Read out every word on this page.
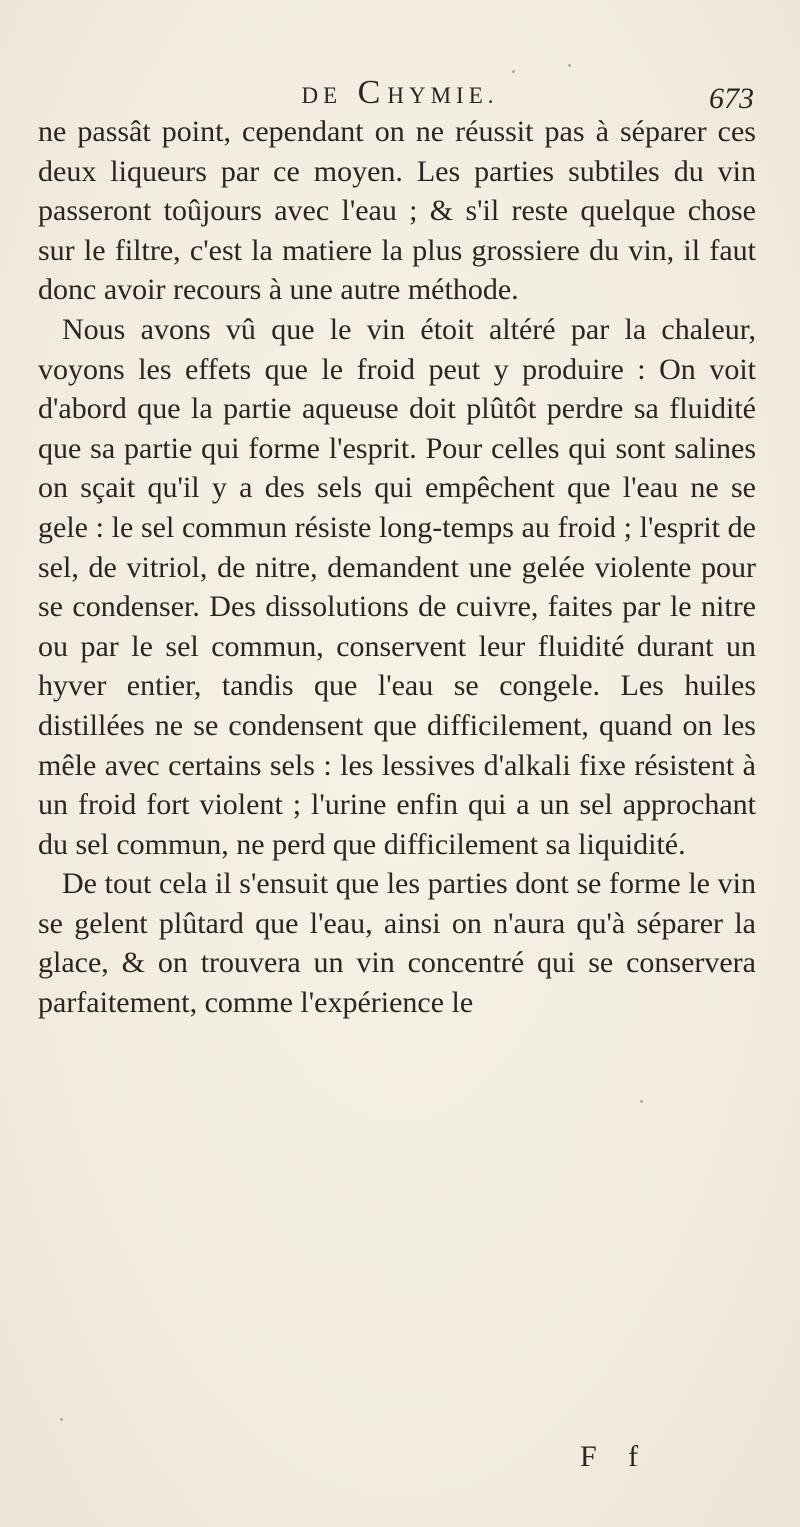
DE CHYMIE.	673

ne passât point, cependant on ne réussit pas à séparer ces deux liqueurs par ce moyen. Les parties subtiles du vin passeront toûjours avec l'eau ; & s'il reste quelque chose sur le filtre, c'est la matiere la plus grossiere du vin, il faut donc avoir recours à une autre méthode.

Nous avons vû que le vin étoit altéré par la chaleur, voyons les effets que le froid peut y produire : On voit d'abord que la partie aqueuse doit plûtôt perdre sa fluidité que sa partie qui forme l'esprit. Pour celles qui sont salines on sçait qu'il y a des sels qui empêchent que l'eau ne se gele : le sel commun résiste long-temps au froid ; l'esprit de sel, de vitriol, de nitre, demandent une gelée violente pour se condenser. Des dissolutions de cuivre, faites par le nitre ou par le sel commun, conservent leur fluidité durant un hyver entier, tandis que l'eau se congele. Les huiles distillées ne se condensent que difficilement, quand on les mêle avec certains sels : les lessives d'alkali fixe résistent à un froid fort violent ; l'urine enfin qui a un sel approchant du sel commun, ne perd que difficilement sa liquidité.

De tout cela il s'ensuit que les parties dont se forme le vin se gelent plûtard que l'eau, ainsi on n'aura qu'à séparer la glace, & on trouvera un vin concentré qui se conservera parfaitement, comme l'expérience le

F f
